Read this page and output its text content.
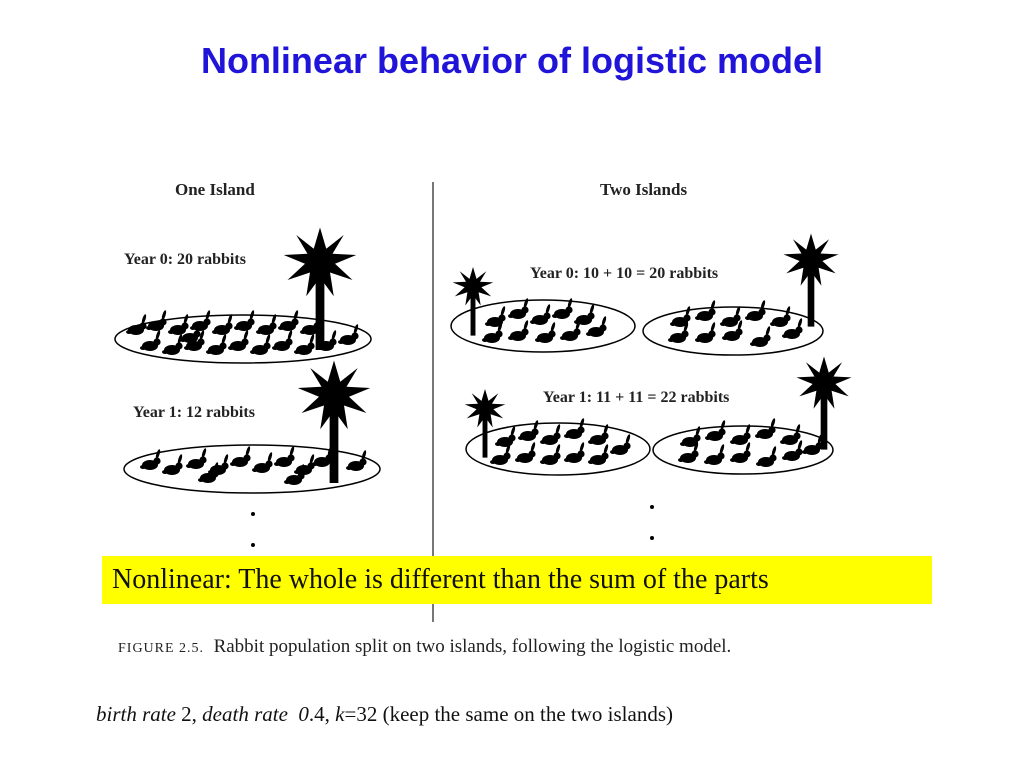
Nonlinear behavior of logistic model
One Island	Two Islands
Year 0: 20 rabbits
Year 1: 12 rabbits
Year 0: 10 + 10 = 20 rabbits
Year 1: 11 + 11 = 22 rabbits
Nonlinear: The whole is different than the sum of the parts
FIGURE 2.5. Rabbit population split on two islands, following the logistic model.
birth rate 2, death rate 0.4, k=32 (keep the same on the two islands)
